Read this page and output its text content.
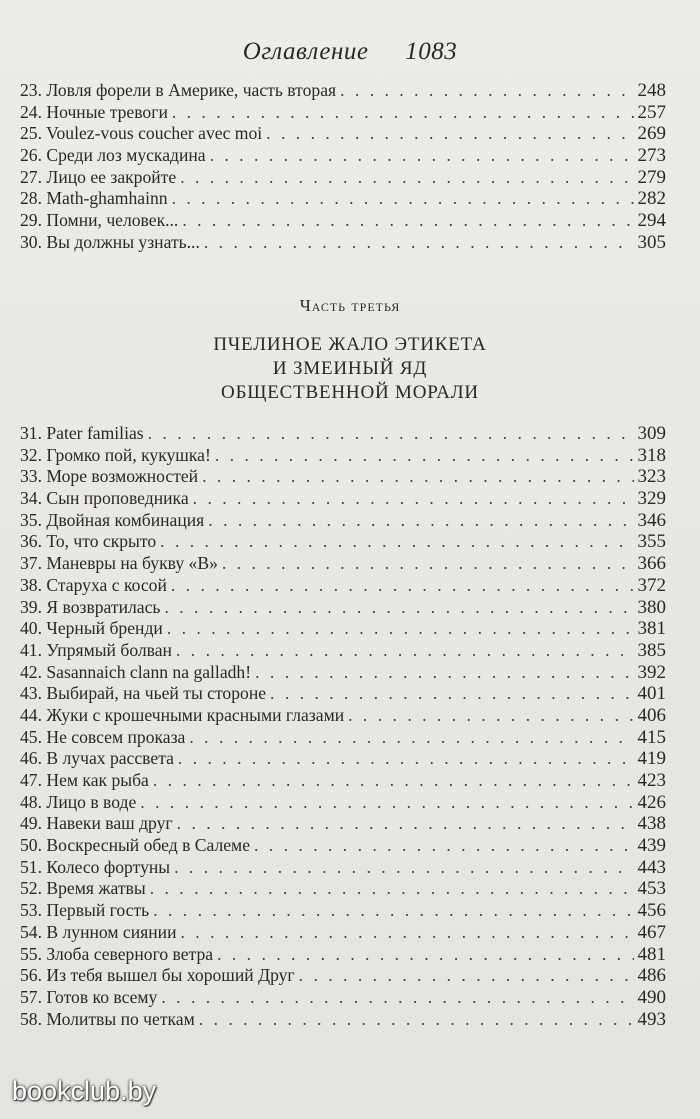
Оглавление 1083
23. Ловля форели в Америке, часть вторая . . .	248
24. Ночные тревоги . . .	257
25. Voulez-vous coucher avec moi . . .	269
26. Среди лоз мускадина . . .	273
27. Лицо ее закройте . . .	279
28. Math-ghamhainn . . .	282
29. Помни, человек... . . .	294
30. Вы должны узнать... . . .	305
Часть третья
ПЧЕЛИНОЕ ЖАЛО ЭТИКЕТА
И ЗМЕИНЫЙ ЯД
ОБЩЕСТВЕННОЙ МОРАЛИ
31. Pater familias . . .	309
32. Громко пой, кукушка! . . .	318
33. Море возможностей . . .	323
34. Сын проповедника . . .	329
35. Двойная комбинация . . .	346
36. То, что скрыто . . .	355
37. Маневры на букву «В» . . .	366
38. Старуха с косой . . .	372
39. Я возвратилась . . .	380
40. Черный бренди . . .	381
41. Упрямый болван . . .	385
42. Sasannaich clann na galladh! . . .	392
43. Выбирай, на чьей ты стороне . . .	401
44. Жуки с крошечными красными глазами . . .	406
45. Не совсем проказа . . .	415
46. В лучах рассвета . . .	419
47. Нем как рыба . . .	423
48. Лицо в воде . . .	426
49. Навеки ваш друг . . .	438
50. Воскресный обед в Салеме . . .	439
51. Колесо фортуны . . .	443
52. Время жатвы . . .	453
53. Первый гость . . .	456
54. В лунном сиянии . . .	467
55. Злоба северного ветра . . .	481
56. Из тебя вышел бы хороший Друг . . .	486
57. Готов ко всему . . .	490
58. Молитвы по четкам . . .	493
bookclub.by
